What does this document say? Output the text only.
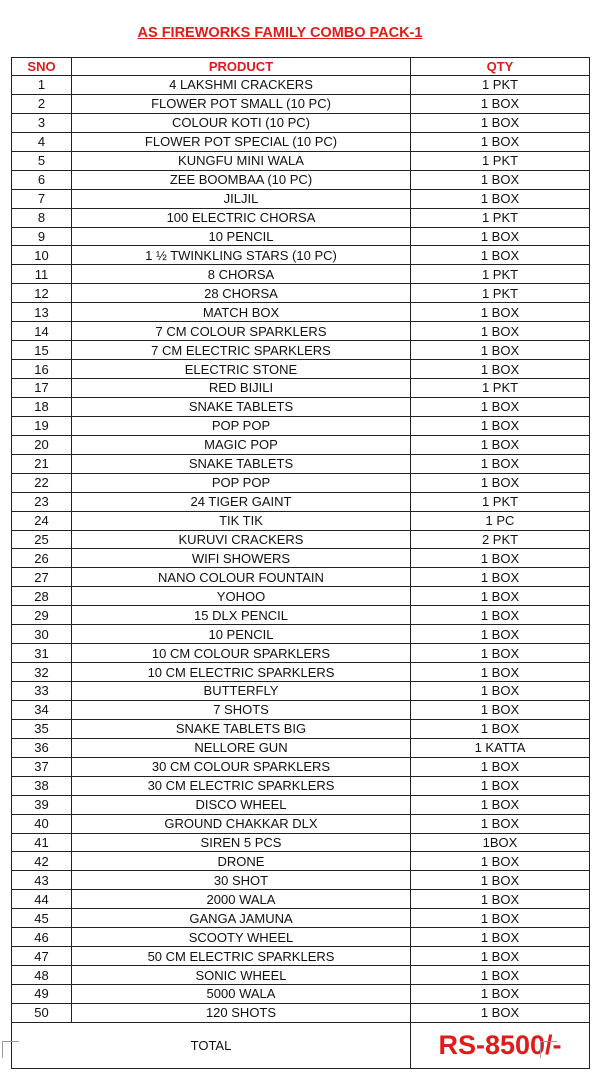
AS FIREWORKS FAMILY COMBO PACK-1
SNO	PRODUCT	QTY
1	4 LAKSHMI CRACKERS	1 PKT
2	FLOWER POT SMALL (10 PC)	1 BOX
3	COLOUR KOTI (10 PC)	1 BOX
4	FLOWER POT SPECIAL (10 PC)	1 BOX
5	KUNGFU MINI WALA	1 PKT
6	ZEE BOOMBAA (10 PC)	1 BOX
7	JILJIL	1 BOX
8	100 ELECTRIC CHORSA	1 PKT
9	10 PENCIL	1 BOX
10	1 ½ TWINKLING STARS (10 PC)	1 BOX
11	8 CHORSA	1 PKT
12	28 CHORSA	1 PKT
13	MATCH BOX	1 BOX
14	7 CM COLOUR SPARKLERS	1 BOX
15	7 CM ELECTRIC SPARKLERS	1 BOX
16	ELECTRIC STONE	1 BOX
17	RED BIJILI	1 PKT
18	SNAKE TABLETS	1 BOX
19	POP POP	1 BOX
20	MAGIC POP	1 BOX
21	SNAKE TABLETS	1 BOX
22	POP POP	1 BOX
23	24 TIGER GAINT	1 PKT
24	TIK TIK	1 PC
25	KURUVI CRACKERS	2 PKT
26	WIFI SHOWERS	1 BOX
27	NANO COLOUR FOUNTAIN	1 BOX
28	YOHOO	1 BOX
29	15 DLX PENCIL	1 BOX
30	10 PENCIL	1 BOX
31	10 CM COLOUR SPARKLERS	1 BOX
32	10 CM ELECTRIC SPARKLERS	1 BOX
33	BUTTERFLY	1 BOX
34	7 SHOTS	1 BOX
35	SNAKE TABLETS BIG	1 BOX
36	NELLORE GUN	1 KATTA
37	30 CM COLOUR SPARKLERS	1 BOX
38	30 CM ELECTRIC SPARKLERS	1 BOX
39	DISCO WHEEL	1 BOX
40	GROUND CHAKKAR DLX	1 BOX
41	SIREN 5 PCS	1BOX
42	DRONE	1 BOX
43	30 SHOT	1 BOX
44	2000 WALA	1 BOX
45	GANGA JAMUNA	1 BOX
46	SCOOTY WHEEL	1 BOX
47	50 CM ELECTRIC SPARKLERS	1 BOX
48	SONIC WHEEL	1 BOX
49	5000 WALA	1 BOX
50	120 SHOTS	1 BOX
TOTAL		RS-8500/-
